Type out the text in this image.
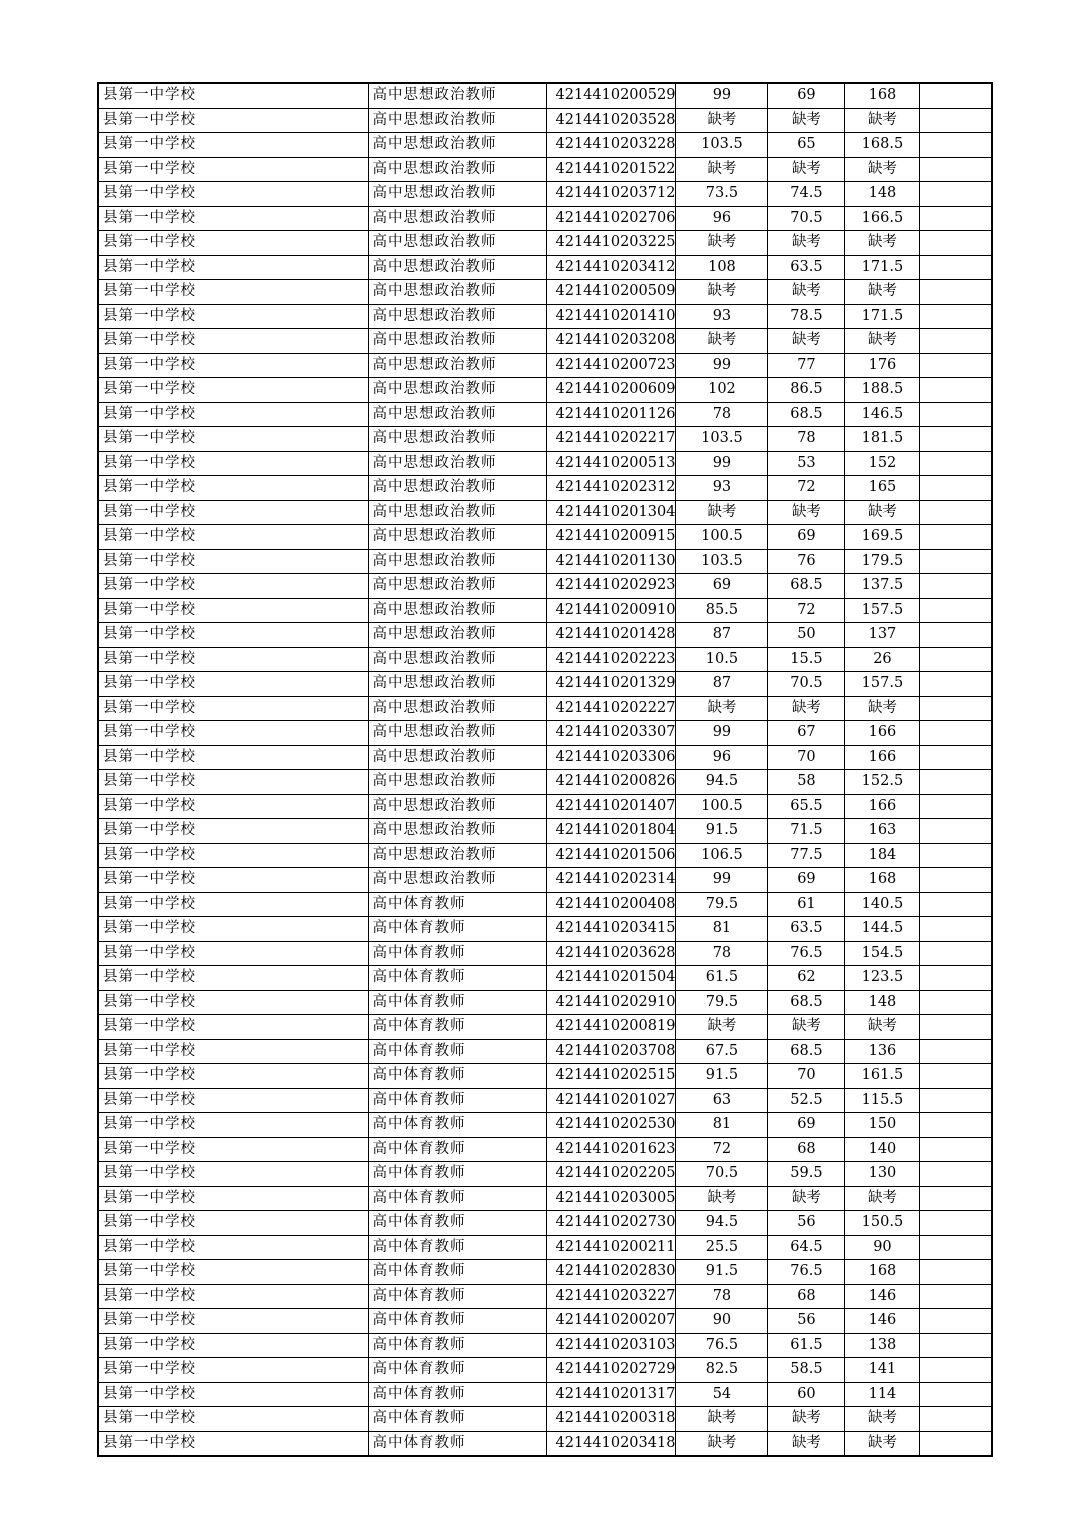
县第一中学校	高中思想政治教师	4214410200529	99	69	168	
县第一中学校	高中思想政治教师	4214410203528	缺考	缺考	缺考	
县第一中学校	高中思想政治教师	4214410203228	103.5	65	168.5	
县第一中学校	高中思想政治教师	4214410201522	缺考	缺考	缺考	
县第一中学校	高中思想政治教师	4214410203712	73.5	74.5	148	
县第一中学校	高中思想政治教师	4214410202706	96	70.5	166.5	
县第一中学校	高中思想政治教师	4214410203225	缺考	缺考	缺考	
县第一中学校	高中思想政治教师	4214410203412	108	63.5	171.5	
县第一中学校	高中思想政治教师	4214410200509	缺考	缺考	缺考	
县第一中学校	高中思想政治教师	4214410201410	93	78.5	171.5	
县第一中学校	高中思想政治教师	4214410203208	缺考	缺考	缺考	
县第一中学校	高中思想政治教师	4214410200723	99	77	176	
县第一中学校	高中思想政治教师	4214410200609	102	86.5	188.5	
县第一中学校	高中思想政治教师	4214410201126	78	68.5	146.5	
县第一中学校	高中思想政治教师	4214410202217	103.5	78	181.5	
县第一中学校	高中思想政治教师	4214410200513	99	53	152	
县第一中学校	高中思想政治教师	4214410202312	93	72	165	
县第一中学校	高中思想政治教师	4214410201304	缺考	缺考	缺考	
县第一中学校	高中思想政治教师	4214410200915	100.5	69	169.5	
县第一中学校	高中思想政治教师	4214410201130	103.5	76	179.5	
县第一中学校	高中思想政治教师	4214410202923	69	68.5	137.5	
县第一中学校	高中思想政治教师	4214410200910	85.5	72	157.5	
县第一中学校	高中思想政治教师	4214410201428	87	50	137	
县第一中学校	高中思想政治教师	4214410202223	10.5	15.5	26	
县第一中学校	高中思想政治教师	4214410201329	87	70.5	157.5	
县第一中学校	高中思想政治教师	4214410202227	缺考	缺考	缺考	
县第一中学校	高中思想政治教师	4214410203307	99	67	166	
县第一中学校	高中思想政治教师	4214410203306	96	70	166	
县第一中学校	高中思想政治教师	4214410200826	94.5	58	152.5	
县第一中学校	高中思想政治教师	4214410201407	100.5	65.5	166	
县第一中学校	高中思想政治教师	4214410201804	91.5	71.5	163	
县第一中学校	高中思想政治教师	4214410201506	106.5	77.5	184	
县第一中学校	高中思想政治教师	4214410202314	99	69	168	
县第一中学校	高中体育教师	4214410200408	79.5	61	140.5	
县第一中学校	高中体育教师	4214410203415	81	63.5	144.5	
县第一中学校	高中体育教师	4214410203628	78	76.5	154.5	
县第一中学校	高中体育教师	4214410201504	61.5	62	123.5	
县第一中学校	高中体育教师	4214410202910	79.5	68.5	148	
县第一中学校	高中体育教师	4214410200819	缺考	缺考	缺考	
县第一中学校	高中体育教师	4214410203708	67.5	68.5	136	
县第一中学校	高中体育教师	4214410202515	91.5	70	161.5	
县第一中学校	高中体育教师	4214410201027	63	52.5	115.5	
县第一中学校	高中体育教师	4214410202530	81	69	150	
县第一中学校	高中体育教师	4214410201623	72	68	140	
县第一中学校	高中体育教师	4214410202205	70.5	59.5	130	
县第一中学校	高中体育教师	4214410203005	缺考	缺考	缺考	
县第一中学校	高中体育教师	4214410202730	94.5	56	150.5	
县第一中学校	高中体育教师	4214410200211	25.5	64.5	90	
县第一中学校	高中体育教师	4214410202830	91.5	76.5	168	
县第一中学校	高中体育教师	4214410203227	78	68	146	
县第一中学校	高中体育教师	4214410200207	90	56	146	
县第一中学校	高中体育教师	4214410203103	76.5	61.5	138	
县第一中学校	高中体育教师	4214410202729	82.5	58.5	141	
县第一中学校	高中体育教师	4214410201317	54	60	114	
县第一中学校	高中体育教师	4214410200318	缺考	缺考	缺考	
县第一中学校	高中体育教师	4214410203418	缺考	缺考	缺考	
